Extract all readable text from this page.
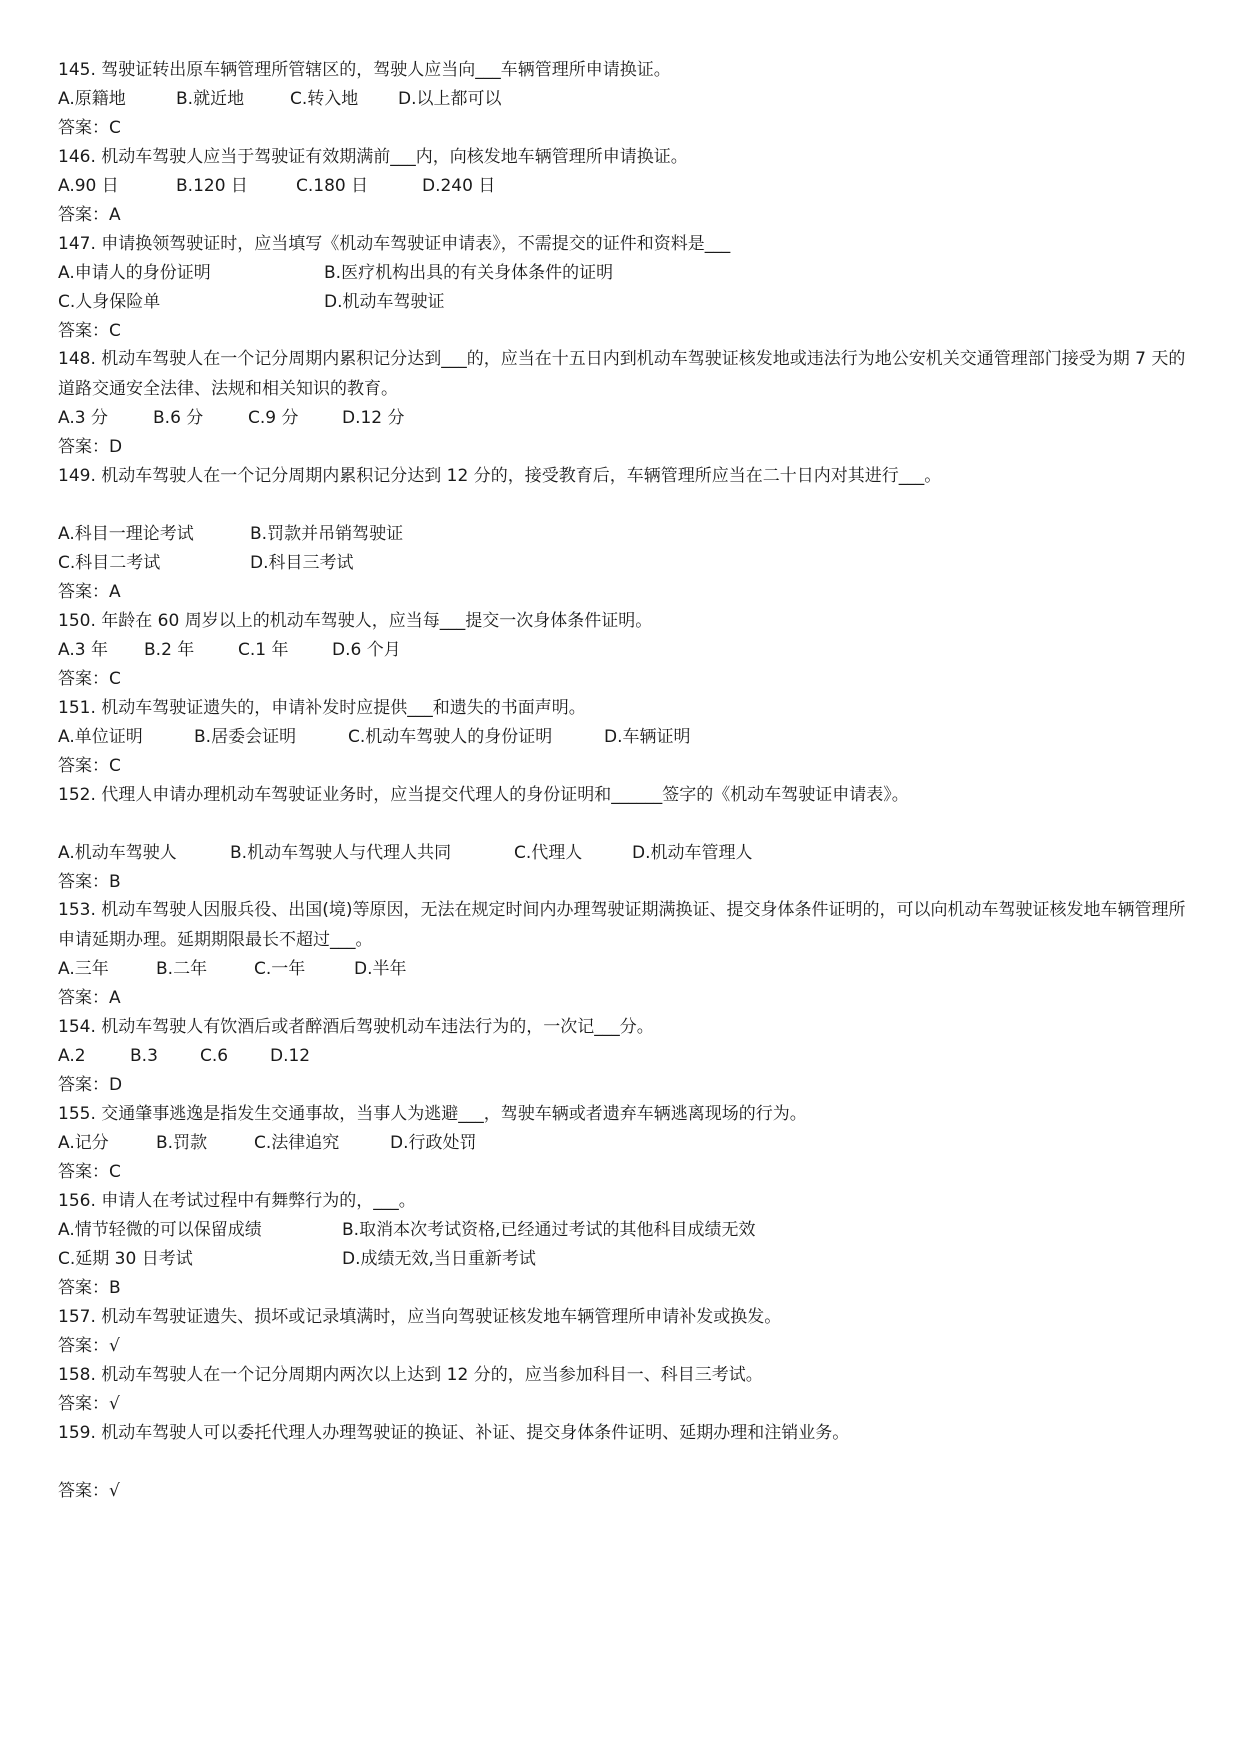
145. 驾驶证转出原车辆管理所管辖区的，驾驶人应当向___车辆管理所申请换证。
A.原籍地	B.就近地	C.转入地 D.以上都可以
答案：C
146. 机动车驾驶人应当于驾驶证有效期满前___内，向核发地车辆管理所申请换证。
A.90 日	B.120 日	C.180 日	D.240 日
答案：A
147. 申请换领驾驶证时，应当填写《机动车驾驶证申请表》，不需提交的证件和资料是___
A.申请人的身份证明	B.医疗机构出具的有关身体条件的证明
C.人身保险单	D.机动车驾驶证
答案：C
148. 机动车驾驶人在一个记分周期内累积记分达到___的，应当在十五日内到机动车驾驶证核发地或违法行为地公安机关交通管理部门接受为期 7 天的道路交通安全法律、法规和相关知识的教育。
A.3 分	B.6 分	C.9 分	D.12 分
答案：D
149. 机动车驾驶人在一个记分周期内累积记分达到 12 分的，接受教育后，车辆管理所应当在二十日内对其进行___。
A.科目一理论考试	B.罚款并吊销驾驶证
C.科目二考试	D.科目三考试
答案：A
150. 年龄在 60 周岁以上的机动车驾驶人，应当每___提交一次身体条件证明。
A.3 年 B.2 年	C.1 年	D.6 个月
答案：C
151. 机动车驾驶证遗失的，申请补发时应提供___和遗失的书面声明。
A.单位证明	B.居委会证明	C.机动车驾驶人的身份证明	D.车辆证明
答案：C
152. 代理人申请办理机动车驾驶证业务时，应当提交代理人的身份证明和______签字的《机动车驾驶证申请表》。
A.机动车驾驶人	B.机动车驾驶人与代理人共同	C.代理人	D.机动车管理人
答案：B
153. 机动车驾驶人因服兵役、出国(境)等原因，无法在规定时间内办理驾驶证期满换证、提交身体条件证明的，可以向机动车驾驶证核发地车辆管理所申请延期办理。延期期限最长不超过___。
A.三年	B.二年	C.一年	D.半年
答案：A
154. 机动车驾驶人有饮酒后或者醉酒后驾驶机动车违法行为的，一次记___分。
A.2	B.3 C.6 D.12
答案：D
155. 交通肇事逃逸是指发生交通事故，当事人为逃避___，驾驶车辆或者遗弃车辆逃离现场的行为。
A.记分	B.罚款	C.法律追究	D.行政处罚
答案：C
156. 申请人在考试过程中有舞弊行为的，___。
A.情节轻微的可以保留成绩	B.取消本次考试资格,已经通过考试的其他科目成绩无效
C.延期 30 日考试	D.成绩无效,当日重新考试
答案：B
157. 机动车驾驶证遗失、损坏或记录填满时，应当向驾驶证核发地车辆管理所申请补发或换发。
答案：√
158. 机动车驾驶人在一个记分周期内两次以上达到 12 分的，应当参加科目一、科目三考试。
答案：√
159. 机动车驾驶人可以委托代理人办理驾驶证的换证、补证、提交身体条件证明、延期办理和注销业务。
答案：√
